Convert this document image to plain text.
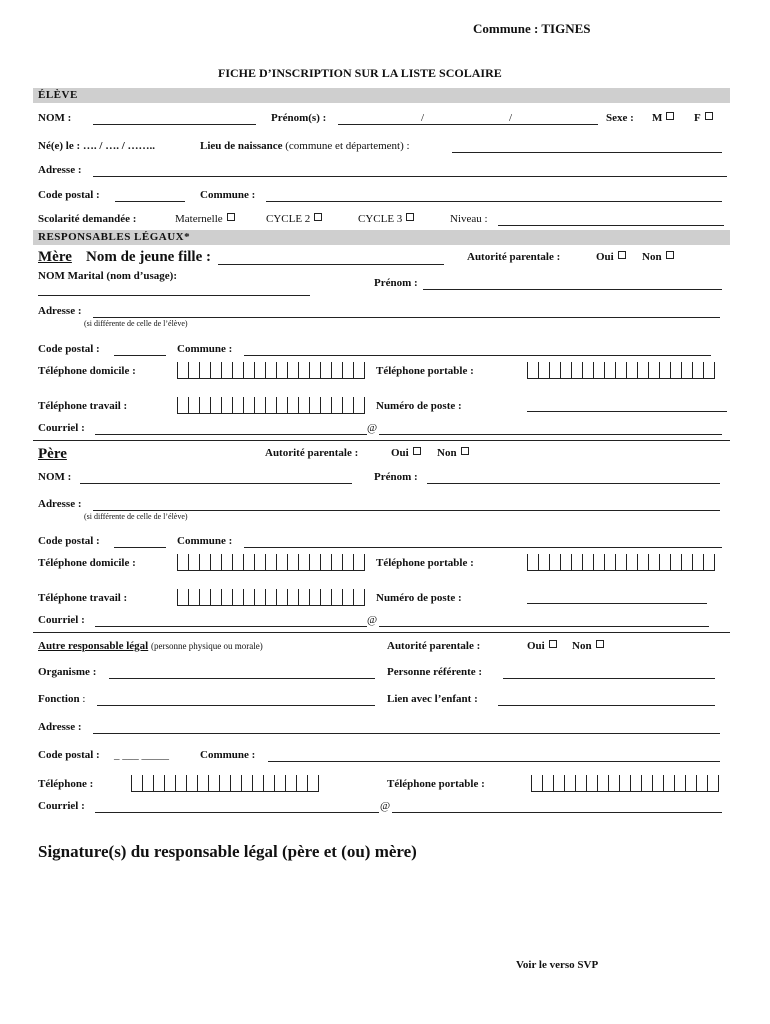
Commune : TIGNES
FICHE D’INSCRIPTION SUR LA LISTE SCOLAIRE
ÉLÈVE
NOM :	Prénom(s) :	/	/	Sexe : M	F
Né(e) le : …. / …. / ……..	Lieu de naissance (commune et département) :
Adresse :
Code postal :	Commune :
Scolarité demandée :	Maternelle	CYCLE 2	CYCLE 3	Niveau :
RESPONSABLES LÉGAUX*
Mère Nom de jeune fille :	Autorité parentale :	Oui	Non
NOM Marital (nom d’usage):
Prénom :
Adresse :
(si différente de celle de l’élève)
Code postal :	Commune :
Téléphone domicile :	Téléphone portable :
Téléphone travail :	Numéro de poste :
Courriel :	@
Père	Autorité parentale :	Oui	Non
NOM :	Prénom :
Adresse :
(si différente de celle de l’élève)
Code postal :	Commune :
Téléphone domicile :	Téléphone portable :
Téléphone travail :	Numéro de poste :
Courriel :	@
Autre responsable légal (personne physique ou morale)	Autorité parentale :	Oui	Non
Organisme :	Personne référente :
Fonction :	Lien avec l’enfant :
Adresse :
Code postal : _ ___ _____	Commune :
Téléphone :	Téléphone portable :
Courriel :	@
Signature(s) du responsable légal (père et (ou) mère)
Voir le verso SVP
